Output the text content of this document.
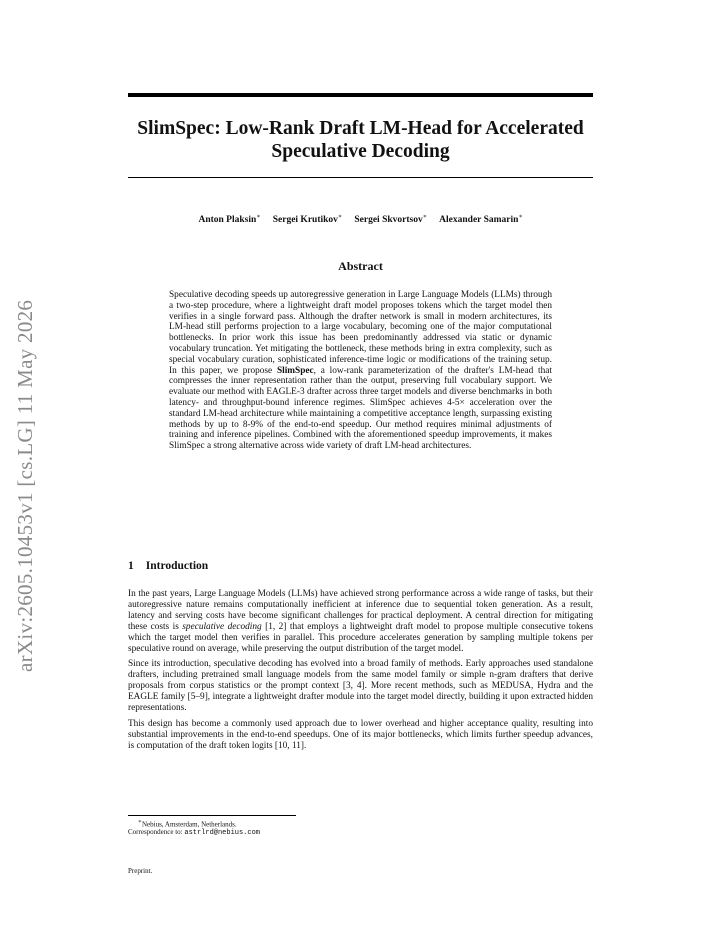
arXiv:2605.10453v1 [cs.LG] 11 May 2026
SlimSpec: Low-Rank Draft LM-Head for Accelerated Speculative Decoding
Anton Plaksin∗ Sergei Krutikov∗ Sergei Skvortsov∗ Alexander Samarin∗
Abstract
Speculative decoding speeds up autoregressive generation in Large Language Models (LLMs) through a two-step procedure, where a lightweight draft model proposes tokens which the target model then verifies in a single forward pass. Although the drafter network is small in modern architectures, its LM-head still performs projection to a large vocabulary, becoming one of the major computational bottlenecks. In prior work this issue has been predominantly addressed via static or dynamic vocabulary truncation. Yet mitigating the bottleneck, these methods bring in extra complexity, such as special vocabulary curation, sophisticated inference-time logic or modifications of the training setup. In this paper, we propose SlimSpec, a low-rank parameterization of the drafter's LM-head that compresses the inner representation rather than the output, preserving full vocabulary support. We evaluate our method with EAGLE-3 drafter across three target models and diverse benchmarks in both latency- and throughput-bound inference regimes. SlimSpec achieves 4-5× acceleration over the standard LM-head architecture while maintaining a competitive acceptance length, surpassing existing methods by up to 8-9% of the end-to-end speedup. Our method requires minimal adjustments of training and inference pipelines. Combined with the aforementioned speedup improvements, it makes SlimSpec a strong alternative across wide variety of draft LM-head architectures.
1 Introduction

In the past years, Large Language Models (LLMs) have achieved strong performance across a wide range of tasks, but their autoregressive nature remains computationally inefficient at inference due to sequential token generation. As a result, latency and serving costs have become significant challenges for practical deployment. A central direction for mitigating these costs is speculative decoding [1, 2] that employs a lightweight draft model to propose multiple consecutive tokens which the target model then verifies in parallel. This procedure accelerates generation by sampling multiple tokens per speculative round on average, while preserving the output distribution of the target model.

Since its introduction, speculative decoding has evolved into a broad family of methods. Early approaches used standalone drafters, including pretrained small language models from the same model family or simple n-gram drafters that derive proposals from corpus statistics or the prompt context [3, 4]. More recent methods, such as MEDUSA, Hydra and the EAGLE family [5–9], integrate a lightweight drafter module into the target model directly, building it upon extracted hidden representations.

This design has become a commonly used approach due to lower overhead and higher acceptance quality, resulting into substantial improvements in the end-to-end speedups. One of its major bottlenecks, which limits further speedup advances, is computation of the draft token logits [10, 11].

∗Nebius, Amsterdam, Netherlands.
Correspondence to: astrlrd@nebius.com
Preprint.
